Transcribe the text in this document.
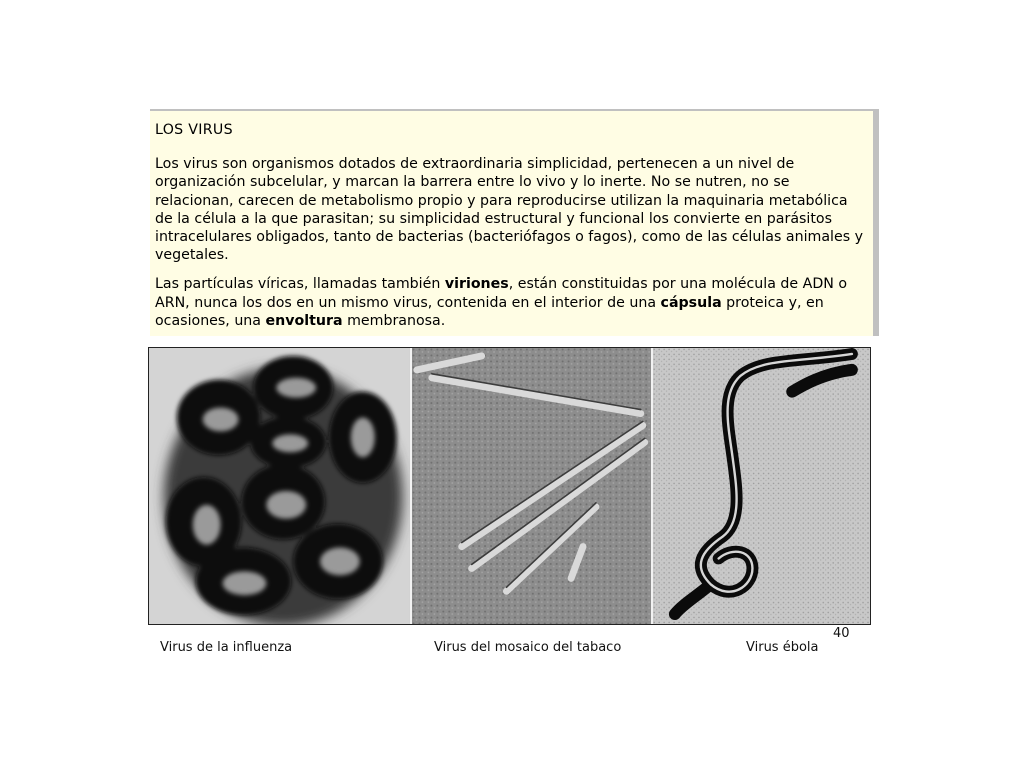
LOS VIRUS
Los virus son organismos dotados de extraordinaria simplicidad, pertenecen a un nivel de organización subcelular, y marcan la barrera entre lo vivo y lo inerte. No se nutren, no se relacionan, carecen de metabolismo propio y para reproducirse utilizan la maquinaria metabólica de la célula a la que parasitan; su simplicidad estructural y funcional los convierte en parásitos intracelulares obligados, tanto de bacterias (bacteriófagos o fagos), como de las células animales y vegetales.
Las partículas víricas, llamadas también viriones, están constituidas por una molécula de ADN o ARN, nunca los dos en un mismo virus, contenida en el interior de una cápsula proteica y, en ocasiones, una envoltura membranosa.
40
Virus de la influenza	Virus del mosaico del tabaco	Virus ébola
